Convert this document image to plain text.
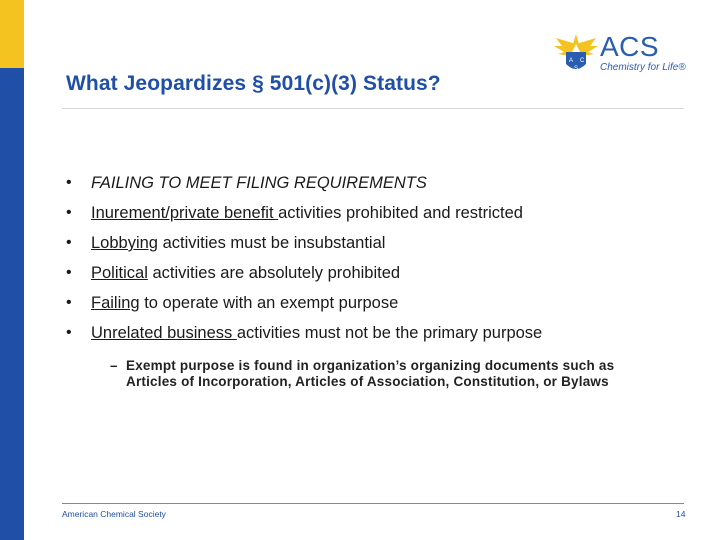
A C
S
ACS
Chemistry for Life®
What Jeopardizes § 501(c)(3) Status?
• FAILING TO MEET FILING REQUIREMENTS
• Inurement/private benefit activities prohibited and restricted
• Lobbying activities must be insubstantial
• Political activities are absolutely prohibited
• Failing to operate with an exempt purpose
• Unrelated business activities must not be the primary purpose
– Exempt purpose is found in organization’s organizing documents such as Articles of Incorporation, Articles of Association, Constitution, or Bylaws
American Chemical Society	14
